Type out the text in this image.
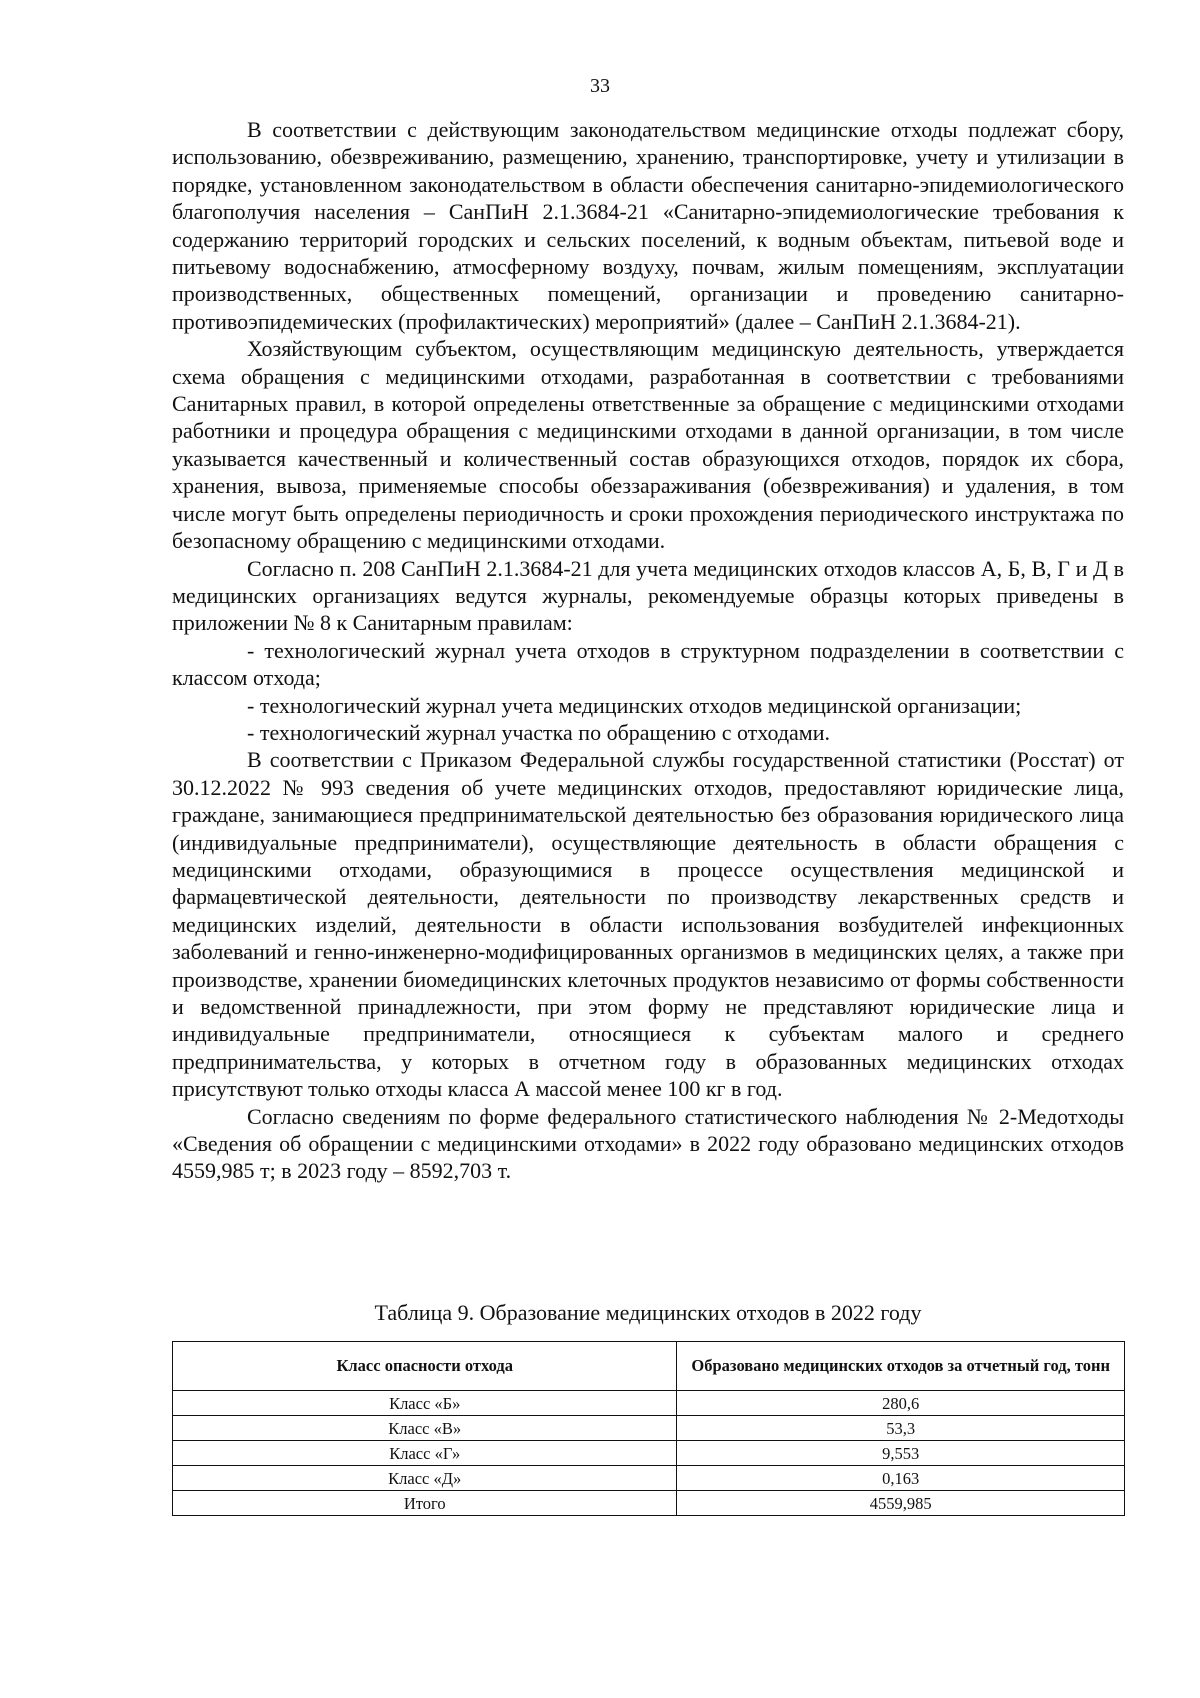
33

В соответствии с действующим законодательством медицинские отходы подлежат сбору, использованию, обезвреживанию, размещению, хранению, транспортировке, учету и утилизации в порядке, установленном законодательством в области обеспечения санитарно-эпидемиологического благополучия населения – СанПиН 2.1.3684-21 «Санитарно-эпидемиологические требования к содержанию территорий городских и сельских поселений, к водным объектам, питьевой воде и питьевому водоснабжению, атмосферному воздуху, почвам, жилым помещениям, эксплуатации производственных, общественных помещений, организации и проведению санитарно-противоэпидемических (профилактических) мероприятий» (далее – СанПиН 2.1.3684-21).

Хозяйствующим субъектом, осуществляющим медицинскую деятельность, утверждается схема обращения с медицинскими отходами, разработанная в соответствии с требованиями Санитарных правил, в которой определены ответственные за обращение с медицинскими отходами работники и процедура обращения с медицинскими отходами в данной организации, в том числе указывается качественный и количественный состав образующихся отходов, порядок их сбора, хранения, вывоза, применяемые способы обеззараживания (обезвреживания) и удаления, в том числе могут быть определены периодичность и сроки прохождения периодического инструктажа по безопасному обращению с медицинскими отходами.

Согласно п. 208 СанПиН 2.1.3684-21 для учета медицинских отходов классов А, Б, В, Г и Д в медицинских организациях ведутся журналы, рекомендуемые образцы которых приведены в приложении № 8 к Санитарным правилам:

- технологический журнал учета отходов в структурном подразделении в соответствии с классом отхода;

- технологический журнал учета медицинских отходов медицинской организации;

- технологический журнал участка по обращению с отходами.

В соответствии с Приказом Федеральной службы государственной статистики (Росстат) от 30.12.2022 № 993 сведения об учете медицинских отходов, предоставляют юридические лица, граждане, занимающиеся предпринимательской деятельностью без образования юридического лица (индивидуальные предприниматели), осуществляющие деятельность в области обращения с медицинскими отходами, образующимися в процессе осуществления медицинской и фармацевтической деятельности, деятельности по производству лекарственных средств и медицинских изделий, деятельности в области использования возбудителей инфекционных заболеваний и генно-инженерно-модифицированных организмов в медицинских целях, а также при производстве, хранении биомедицинских клеточных продуктов независимо от формы собственности и ведомственной принадлежности, при этом форму не представляют юридические лица и индивидуальные предприниматели, относящиеся к субъектам малого и среднего предпринимательства, у которых в отчетном году в образованных медицинских отходах присутствуют только отходы класса А массой менее 100 кг в год.

Согласно сведениям по форме федерального статистического наблюдения № 2-Медотходы «Сведения об обращении с медицинскими отходами» в 2022 году образовано медицинских отходов 4559,985 т; в 2023 году – 8592,703 т.

Таблица 9. Образование медицинских отходов в 2022 году
Класс опасности отхода	Образовано медицинских отходов за отчетный год, тонн
Класс «Б»	280,6
Класс «В»	53,3
Класс «Г»	9,553
Класс «Д»	0,163
Итого	4559,985
